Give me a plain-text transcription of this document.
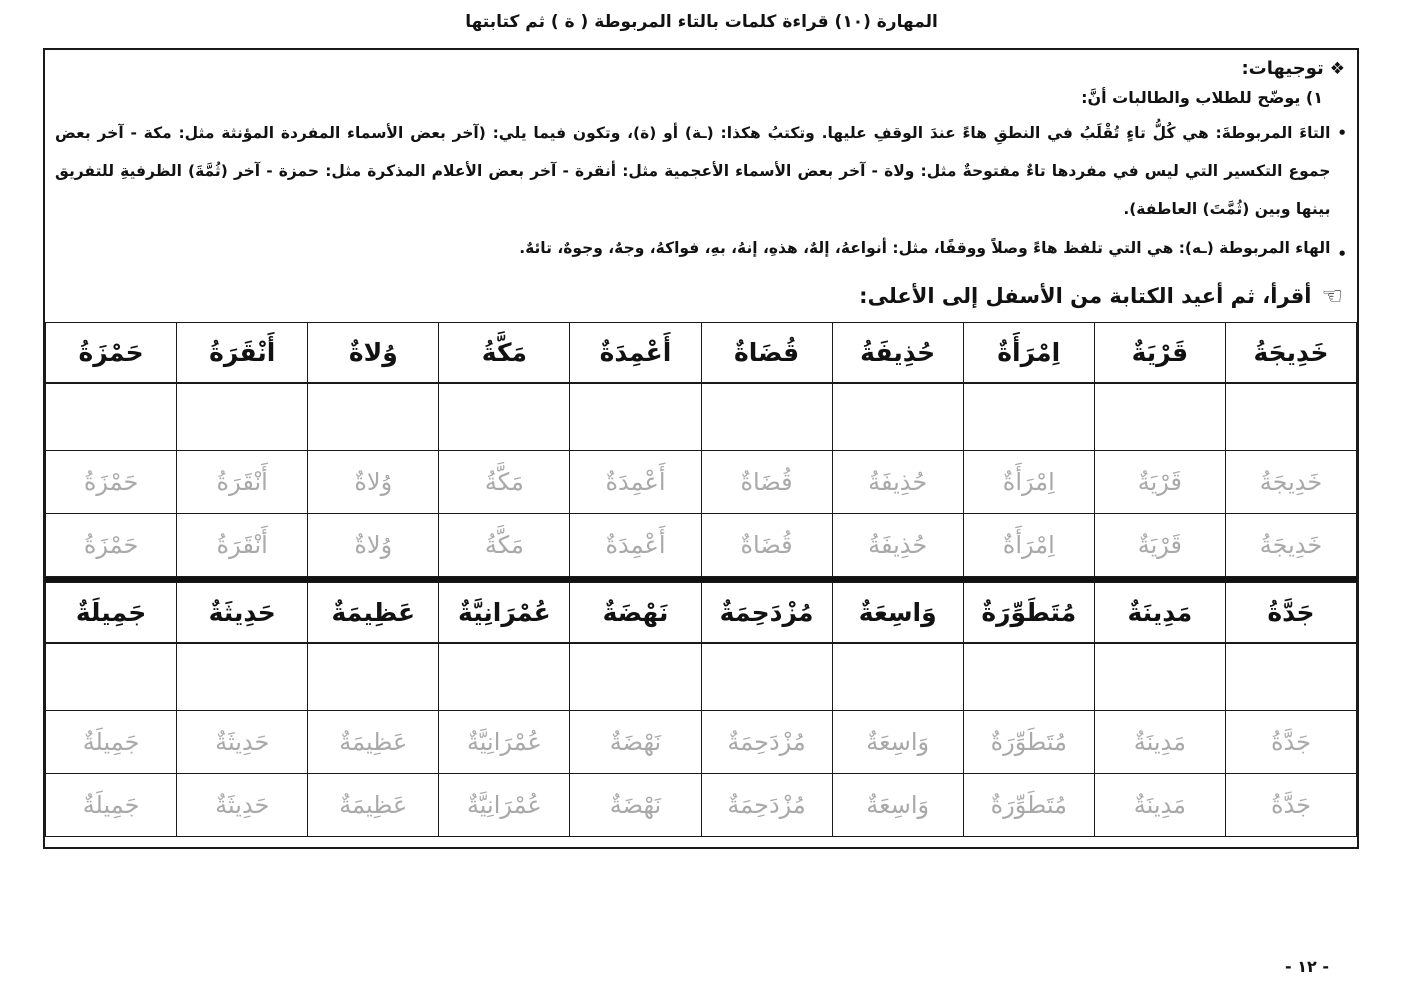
المهارة (١٠) قراءة كلمات بالتاء المربوطة ( ة ) ثم كتابتها
❖
توجيهات:
١) يوضّح للطلاب والطالبات أنَّ:
•
التاءَ المربوطةَ: هي كُلُّ تاءٍ تُقْلَبُ في النطقِ هاءً عندَ الوقفِ عليها. وتكتبُ هكذا: (ـة) أو (ة)، وتكون فيما يلي: (آخر بعض الأسماء المفردة المؤنثة مثل: مكة - آخر بعض جموع التكسير التي ليس في مفردها تاءٌ مفتوحةٌ مثل: ولاة - آخر بعض الأسماء الأعجمية مثل: أنقرة - آخر بعض الأعلام المذكرة مثل: حمزة - آخر (ثُمَّةَ) الظرفيةِ للتفريق بينها وبين (ثُمَّتَ) العاطفة).
•
الهاء المربوطة (ـه): هي التي تلفظ هاءً وصلاً ووقفًا، مثل: أنواعهُ، إلهٌ، هذهِ، إنهُ، بهِ، فواكهُ، وجهٌ، وجوهٌ، تائهٌ.
☜
أقرأ، ثم أعيد الكتابة من الأسفل إلى الأعلى:
خَدِيجَةُ	قَرْيَةٌ	اِمْرَأَةٌ	حُذِيفَةُ	قُضَاةٌ	أَعْمِدَةٌ	مَكَّةُ	وُلاةٌ	أَنْقَرَةُ	حَمْزَةُ

خَدِيجَةُ	قَرْيَةٌ	اِمْرَأَةٌ	حُذِيفَةُ	قُضَاةٌ	أَعْمِدَةٌ	مَكَّةُ	وُلاةٌ	أَنْقَرَةُ	حَمْزَةُ
خَدِيجَةُ	قَرْيَةٌ	اِمْرَأَةٌ	حُذِيفَةُ	قُضَاةٌ	أَعْمِدَةٌ	مَكَّةُ	وُلاةٌ	أَنْقَرَةُ	حَمْزَةُ
جَدَّةُ	مَدِينَةٌ	مُتَطَوِّرَةٌ	وَاسِعَةٌ	مُزْدَحِمَةٌ	نَهْضَةٌ	عُمْرَانِيَّةٌ	عَظِيمَةٌ	حَدِيثَةٌ	جَمِيلَةٌ

جَدَّةُ	مَدِينَةٌ	مُتَطَوِّرَةٌ	وَاسِعَةٌ	مُزْدَحِمَةٌ	نَهْضَةٌ	عُمْرَانِيَّةٌ	عَظِيمَةٌ	حَدِيثَةٌ	جَمِيلَةٌ
جَدَّةُ	مَدِينَةٌ	مُتَطَوِّرَةٌ	وَاسِعَةٌ	مُزْدَحِمَةٌ	نَهْضَةٌ	عُمْرَانِيَّةٌ	عَظِيمَةٌ	حَدِيثَةٌ	جَمِيلَةٌ
- ١٢ -
